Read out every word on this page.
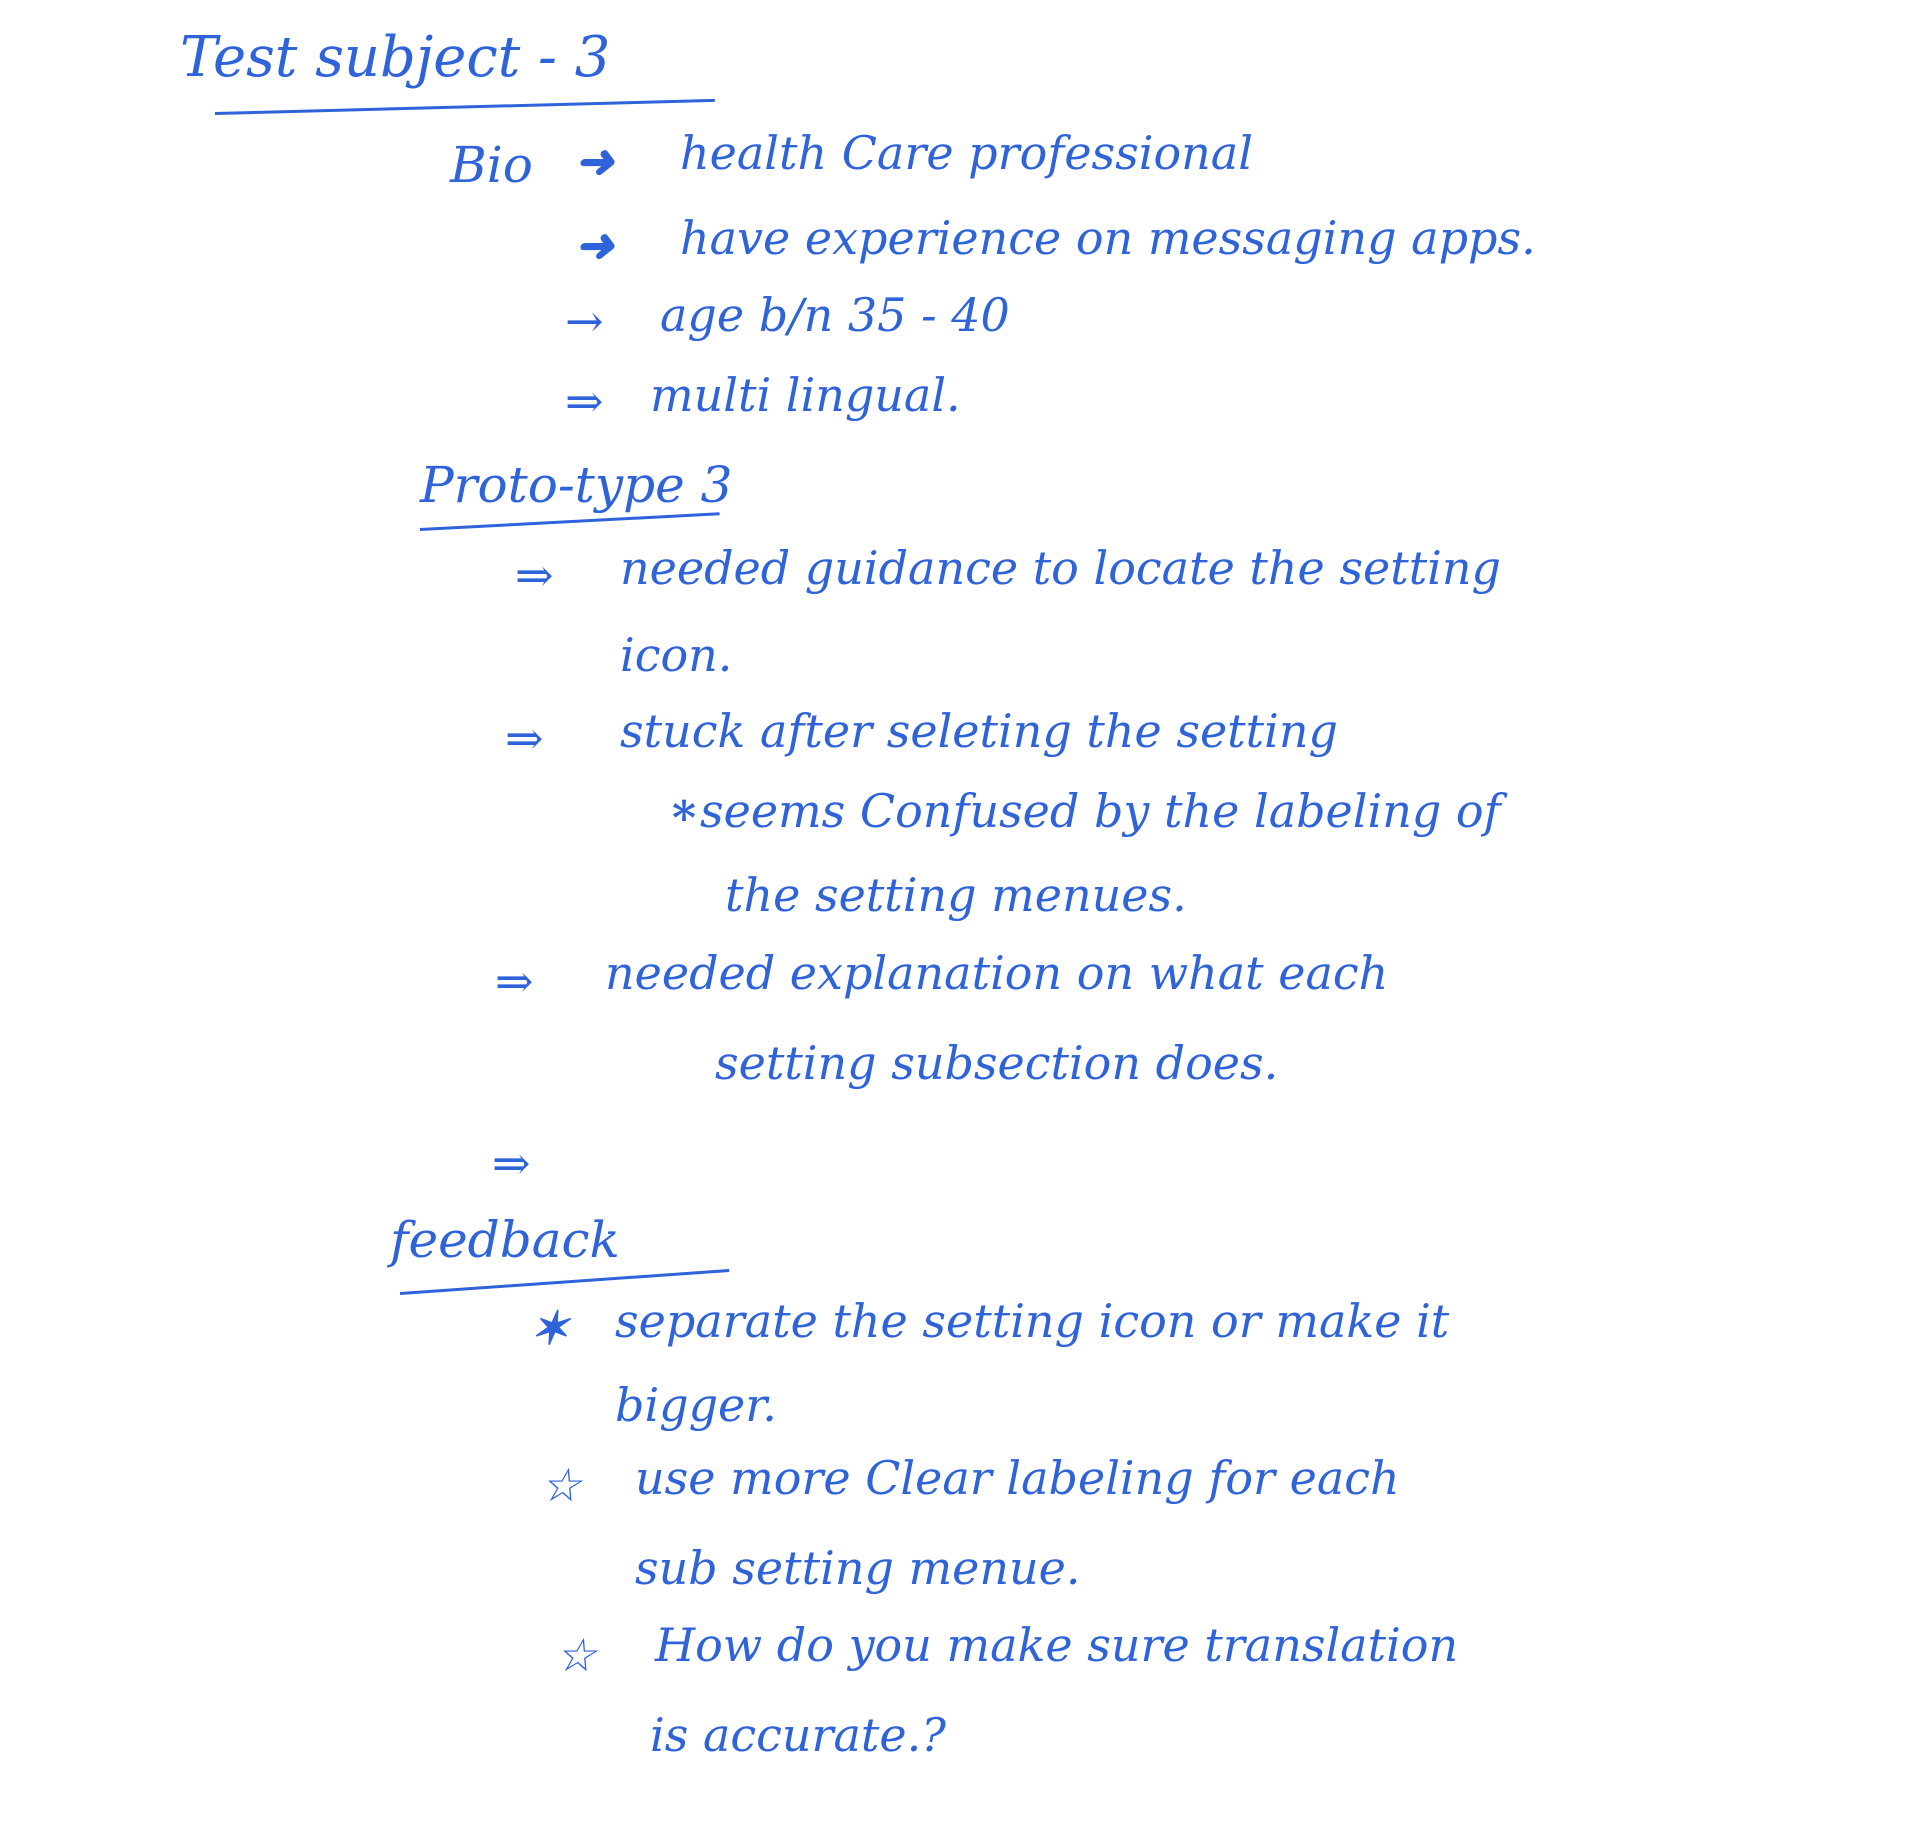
Test subject - 3
Bio ➜ health Care professional
➜ have experience on messaging apps.
→ age b/n 35 - 40
⇒ multi lingual.
Proto-type 3
⇒ needed guidance to locate the setting
icon.
⇒ stuck after seleting the setting
* seems Confused by the labeling of
the setting menues.
⇒ needed explanation on what each
setting subsection does.
⇒
feedback
✶ separate the setting icon or make it
bigger.
☆ use more Clear labeling for each
sub setting menue.
☆ How do you make sure translation
is accurate.?
